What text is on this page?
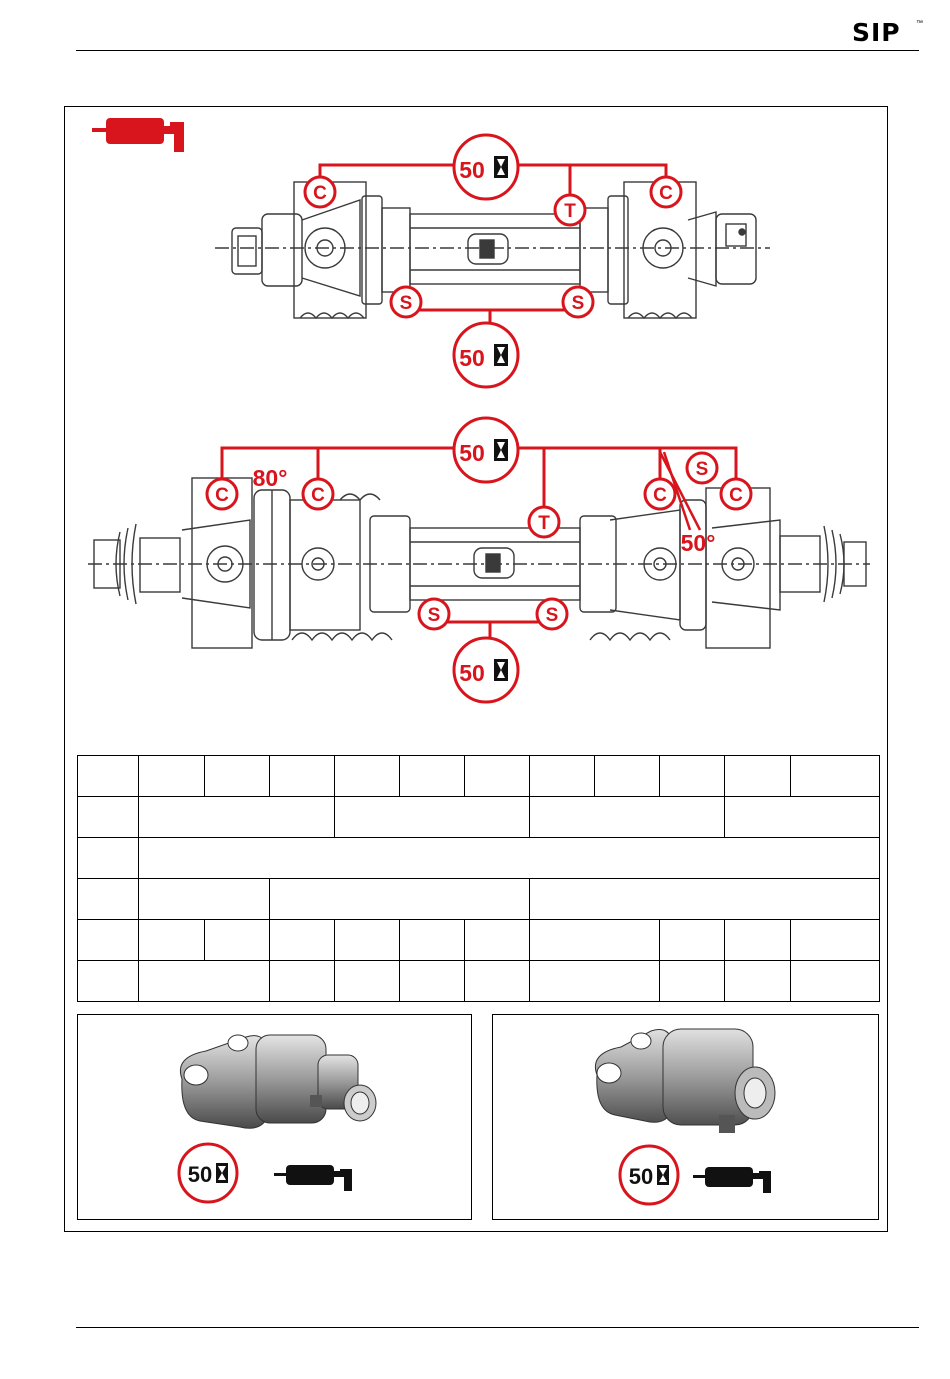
SIP ™
50
50
C	C
T
S	S
50
50
80°
50°
C	C	C	C
S
T
S	S

50	50
